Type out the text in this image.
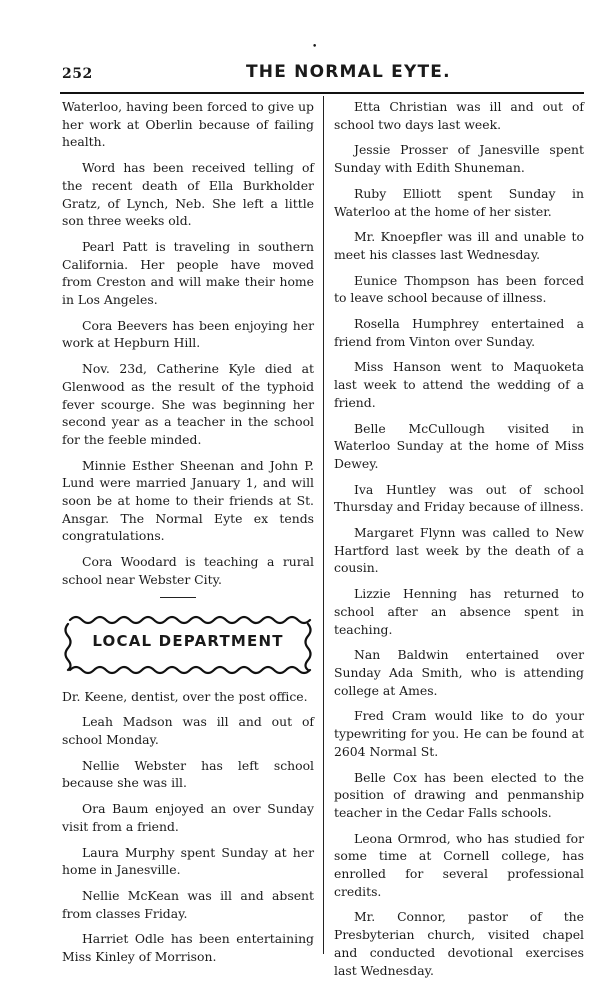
•
252	THE NORMAL EYTE.

Waterloo, having been forced to give up her work at Oberlin because of failing health.

Word has been received telling of the recent death of Ella Burkholder Gratz, of Lynch, Neb. She left a little son three weeks old.

Pearl Patt is traveling in southern California. Her people have moved from Creston and will make their home in Los Angeles.

Cora Beevers has been enjoying her work at Hepburn Hill.

Nov. 23d, Catherine Kyle died at Glenwood as the result of the typhoid fever scourge. She was beginning her second year as a teacher in the school for the feeble minded.

Minnie Esther Sheenan and John P. Lund were married January 1, and will soon be at home to their friends at St. Ansgar. The Normal Eyte ex tends congratulations.

Cora Woodard is teaching a rural school near Webster City.

LOCAL DEPARTMENT

Dr. Keene, dentist, over the post office.

Leah Madson was ill and out of school Monday.

Nellie Webster has left school because she was ill.

Ora Baum enjoyed an over Sunday visit from a friend.

Laura Murphy spent Sunday at her home in Janesville.

Nellie McKean was ill and absent from classes Friday.

Harriet Odle has been entertaining Miss Kinley of Morrison.

Etta Christian was ill and out of school two days last week.

Jessie Prosser of Janesville spent Sunday with Edith Shuneman.

Ruby Elliott spent Sunday in Waterloo at the home of her sister.

Mr. Knoepfler was ill and unable to meet his classes last Wednesday.

Eunice Thompson has been forced to leave school because of illness.

Rosella Humphrey entertained a friend from Vinton over Sunday.

Miss Hanson went to Maquoketa last week to attend the wedding of a friend.

Belle McCullough visited in Waterloo Sunday at the home of Miss Dewey.

Iva Huntley was out of school Thursday and Friday because of illness.

Margaret Flynn was called to New Hartford last week by the death of a cousin.

Lizzie Henning has returned to school after an absence spent in teaching.

Nan Baldwin entertained over Sunday Ada Smith, who is attending college at Ames.

Fred Cram would like to do your typewriting for you. He can be found at 2604 Normal St.

Belle Cox has been elected to the position of drawing and penmanship teacher in the Cedar Falls schools.

Leona Ormrod, who has studied for some time at Cornell college, has enrolled for several professional credits.

Mr. Connor, pastor of the Presbyterian church, visited chapel and conducted devotional exercises last Wednesday.
